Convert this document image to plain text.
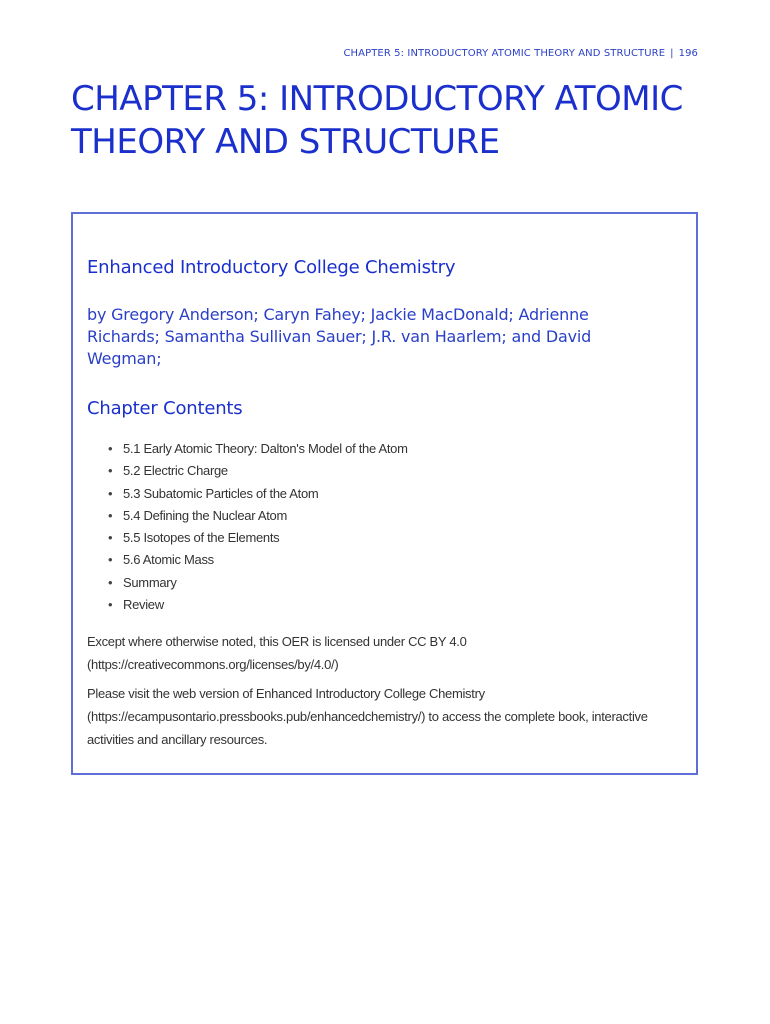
CHAPTER 5: INTRODUCTORY ATOMIC THEORY AND STRUCTURE | 196
CHAPTER 5: INTRODUCTORY ATOMIC THEORY AND STRUCTURE
Enhanced Introductory College Chemistry

by Gregory Anderson; Caryn Fahey; Jackie MacDonald; Adrienne Richards; Samantha Sullivan Sauer; J.R. van Haarlem; and David Wegman;

Chapter Contents
• 5.1 Early Atomic Theory: Dalton's Model of the Atom
• 5.2 Electric Charge
• 5.3 Subatomic Particles of the Atom
• 5.4 Defining the Nuclear Atom
• 5.5 Isotopes of the Elements
• 5.6 Atomic Mass
• Summary
• Review

Except where otherwise noted, this OER is licensed under CC BY 4.0 (https://creativecommons.org/licenses/by/4.0/)

Please visit the web version of Enhanced Introductory College Chemistry (https://ecampusontario.pressbooks.pub/enhancedchemistry/) to access the complete book, interactive activities and ancillary resources.
